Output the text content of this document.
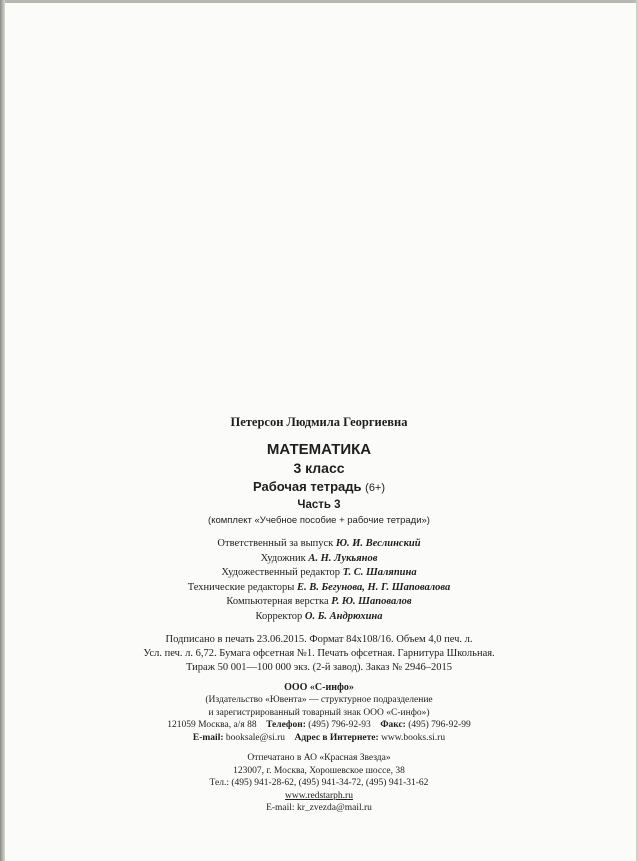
Петерсон Людмила Георгиевна
МАТЕМАТИКА
3 класс
Рабочая тетрадь (6+)
Часть 3
(комплект «Учебное пособие + рабочие тетради»)
Ответственный за выпуск Ю. И. Веслинский
Художник А. Н. Лукьянов
Художественный редактор Т. С. Шаляпина
Технические редакторы Е. В. Бегунова, Н. Г. Шаповалова
Компьютерная верстка Р. Ю. Шаповалов
Корректор О. Б. Андрюхина
Подписано в печать 23.06.2015. Формат 84x108/16. Объем 4,0 печ. л.
Усл. печ. л. 6,72. Бумага офсетная №1. Печать офсетная. Гарнитура Школьная.
Тираж 50 001—100 000 экз. (2-й завод). Заказ № 2946–2015
ООО «С-инфо»
(Издательство «Ювента» — структурное подразделение
и зарегистрированный товарный знак ООО «С-инфо»)
121059 Москва, а/я 88 Телефон: (495) 796-92-93 Факс: (495) 796-92-99
E-mail: booksale@si.ru Адрес в Интернете: www.books.si.ru
Отпечатано в АО «Красная Звезда»
123007, г. Москва, Хорошевское шоссе, 38
Тел.: (495) 941-28-62, (495) 941-34-72, (495) 941-31-62
www.redstarph.ru
E-mail: kr_zvezda@mail.ru
